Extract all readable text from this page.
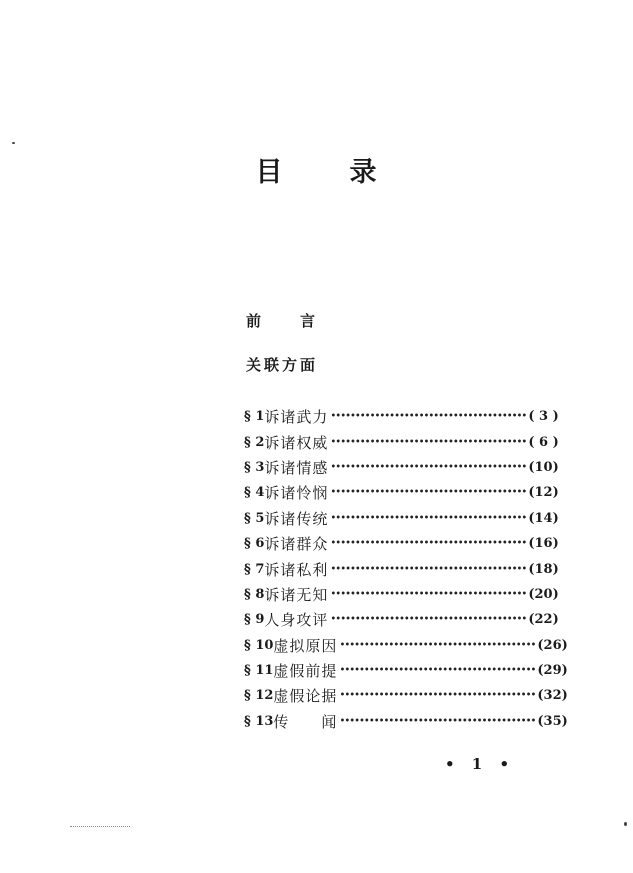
目 录
前	言
关联方面
§ 1 诉诸武力 •••••••••••••••••••••••••••••••••••••••• ( 3 )
§ 2 诉诸权威 •••••••••••••••••••••••••••••••••••••••• ( 6 )
§ 3 诉诸情感 •••••••••••••••••••••••••••••••••••••••• (10)
§ 4 诉诸怜悯 •••••••••••••••••••••••••••••••••••••••• (12)
§ 5 诉诸传统 •••••••••••••••••••••••••••••••••••••••• (14)
§ 6 诉诸群众 •••••••••••••••••••••••••••••••••••••••• (16)
§ 7 诉诸私利 •••••••••••••••••••••••••••••••••••••••• (18)
§ 8 诉诸无知 •••••••••••••••••••••••••••••••••••••••• (20)
§ 9 人身攻评 •••••••••••••••••••••••••••••••••••••••• (22)
§ 10 虚拟原因 •••••••••••••••••••••••••••••••••••••••• (26)
§ 11 虚假前提 •••••••••••••••••••••••••••••••••••••••• (29)
§ 12 虚假论据 •••••••••••••••••••••••••••••••••••••••• (32)
§ 13 传　　闻 •••••••••••••••••••••••••••••••••••••••• (35)
• 1 •
